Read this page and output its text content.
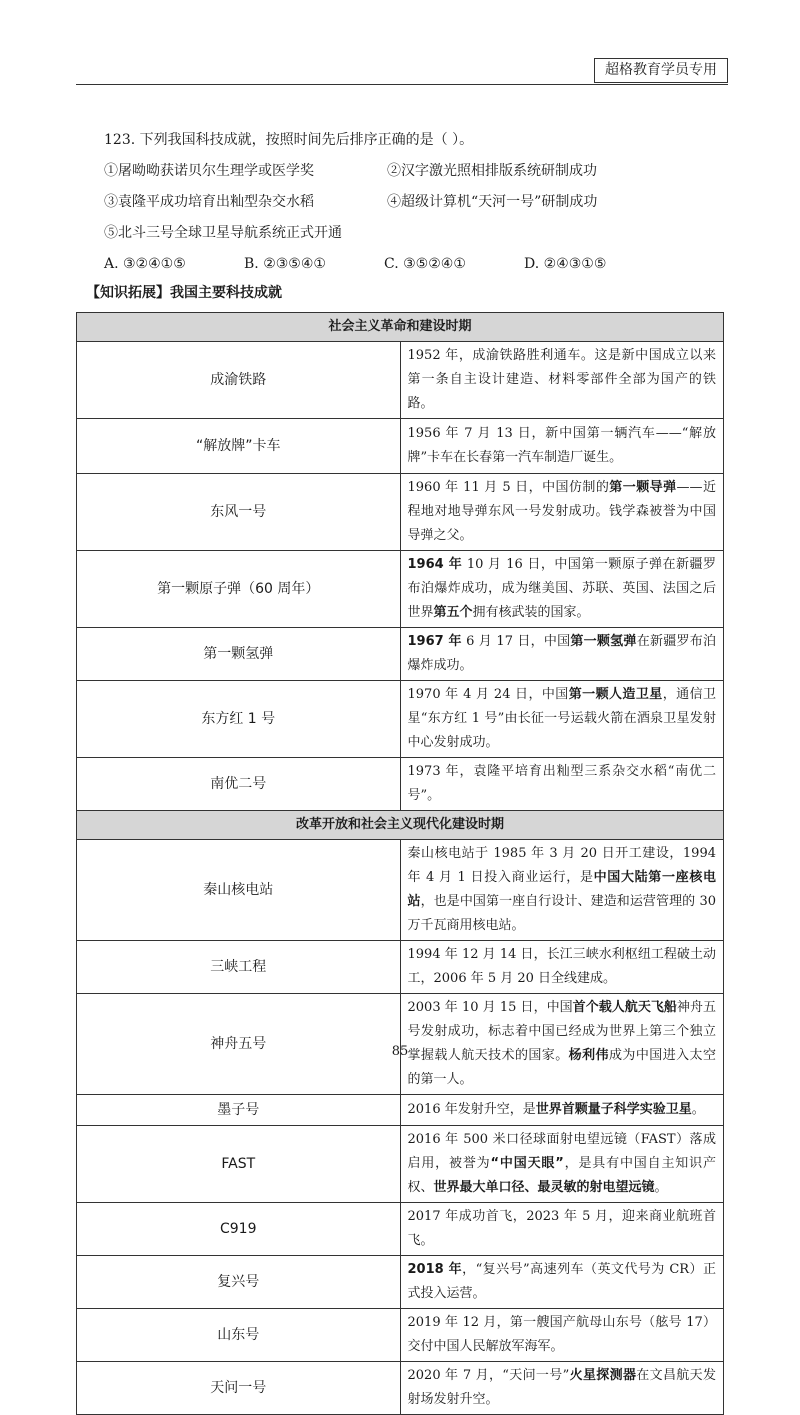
超格教育学员专用
123. 下列我国科技成就，按照时间先后排序正确的是（ ）。
①屠呦呦获诺贝尔生理学或医学奖	②汉字激光照相排版系统研制成功
③袁隆平成功培育出籼型杂交水稻	④超级计算机“天河一号”研制成功
⑤北斗三号全球卫星导航系统正式开通
A. ③②④①⑤	B. ②③⑤④①	C. ③⑤②④①	D. ②④③①⑤
【知识拓展】我国主要科技成就
社会主义革命和建设时期	
成渝铁路	1952 年，成渝铁路胜利通车。这是新中国成立以来第一条自主设计建造、材料零部件全部为国产的铁路。
“解放牌”卡车	1956 年 7 月 13 日，新中国第一辆汽车——“解放牌”卡车在长春第一汽车制造厂诞生。
东风一号	1960 年 11 月 5 日，中国仿制的第一颗导弹——近程地对地导弹东风一号发射成功。钱学森被誉为中国导弹之父。
第一颗原子弹（60 周年）	1964 年 10 月 16 日，中国第一颗原子弹在新疆罗布泊爆炸成功，成为继美国、苏联、英国、法国之后世界第五个拥有核武装的国家。
第一颗氢弹	1967 年 6 月 17 日，中国第一颗氢弹在新疆罗布泊爆炸成功。
东方红 1 号	1970 年 4 月 24 日，中国第一颗人造卫星，通信卫星“东方红 1 号”由长征一号运载火箭在酒泉卫星发射中心发射成功。
南优二号	1973 年，袁隆平培育出籼型三系杂交水稻“南优二号”。
改革开放和社会主义现代化建设时期	
秦山核电站	秦山核电站于 1985 年 3 月 20 日开工建设，1994 年 4 月 1 日投入商业运行，是中国大陆第一座核电站，也是中国第一座自行设计、建造和运营管理的 30 万千瓦商用核电站。
三峡工程	1994 年 12 月 14 日，长江三峡水利枢纽工程破土动工，2006 年 5 月 20 日全线建成。
神舟五号	2003 年 10 月 15 日，中国首个载人航天飞船神舟五号发射成功，标志着中国已经成为世界上第三个独立掌握载人航天技术的国家。杨利伟成为中国进入太空的第一人。
墨子号	2016 年发射升空，是世界首颗量子科学实验卫星。
FAST	2016 年 500 米口径球面射电望远镜（FAST）落成启用，被誉为“中国天眼”，是具有中国自主知识产权、世界最大单口径、最灵敏的射电望远镜。
C919	2017 年成功首飞，2023 年 5 月，迎来商业航班首飞。
复兴号	2018 年，“复兴号”高速列车（英文代号为 CR）正式投入运营。
山东号	2019 年 12 月，第一艘国产航母山东号（舷号 17）交付中国人民解放军海军。
天问一号	2020 年 7 月，“天问一号”火星探测器在文昌航天发射场发射升空。
85
